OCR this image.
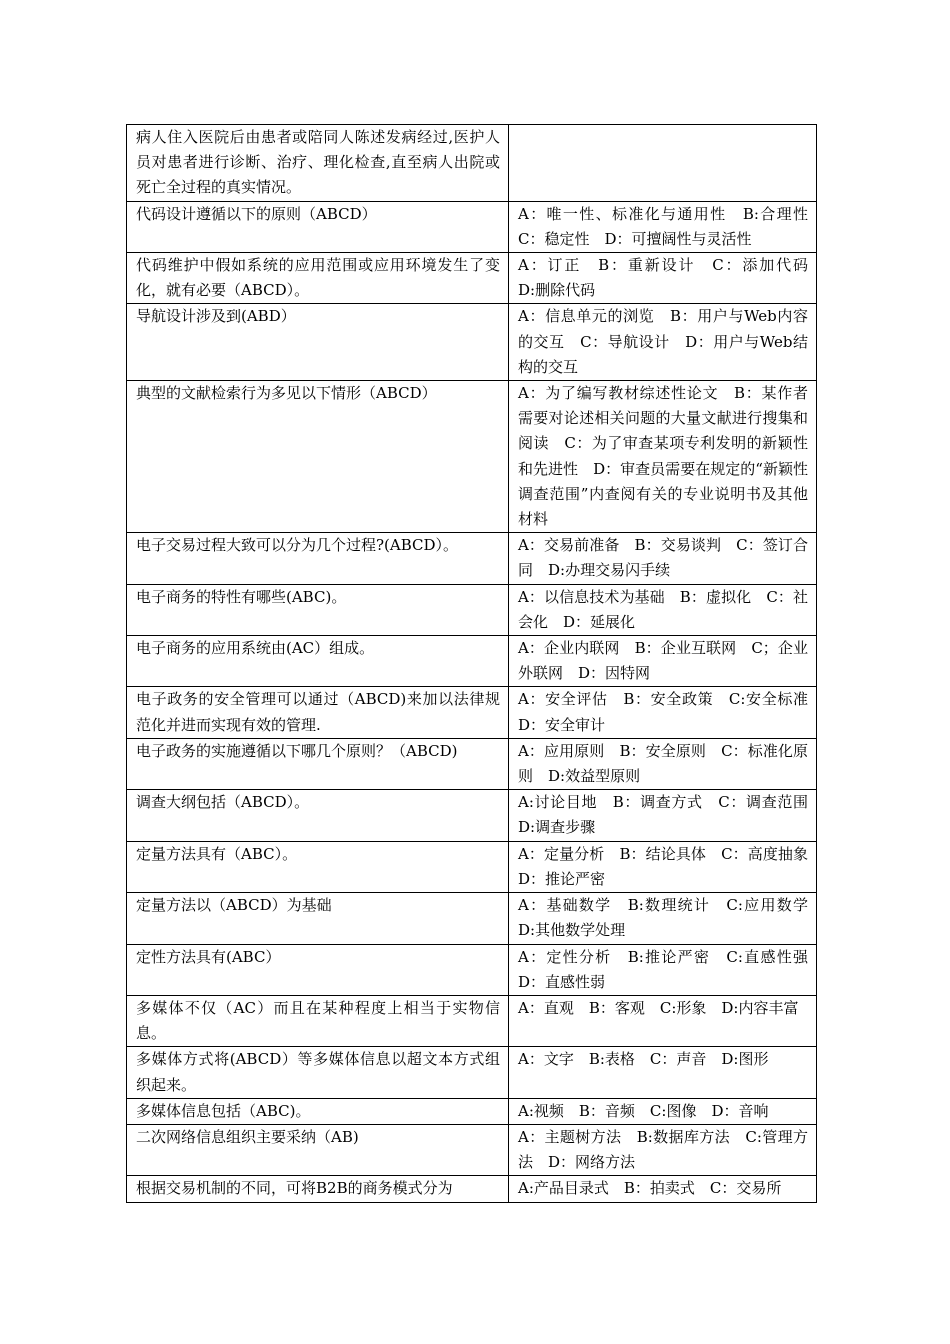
病人住入医院后由患者或陪同人陈述发病经过,医护人员对患者进行诊断、治疗、理化检查,直至病人出院或死亡全过程的真实情况。	
代码设计遵循以下的原则（ABCD）	A：唯一性、标准化与通用性　B:合理性　C：稳定性　D：可擅阔性与灵活性
代码维护中假如系统的应用范围或应用环境发生了变化，就有必要（ABCD）。	A：订正　B：重新设计　C：添加代码　D:删除代码
导航设计涉及到(ABD）	A：信息单元的浏览　B：用户与Web内容的交互　C：导航设计　D：用户与Web结构的交互
典型的文献检索行为多见以下情形（ABCD）	A：为了编写教材综述性论文　B：某作者需要对论述相关问题的大量文献进行搜集和阅读　C：为了审查某项专利发明的新颖性和先进性　D：审查员需要在规定的“新颖性调查范围”内查阅有关的专业说明书及其他材料
电子交易过程大致可以分为几个过程?(ABCD）。	A：交易前准备　B：交易谈判　C：签订合同　D:办理交易闪手续
电子商务的特性有哪些(ABC)。	A：以信息技术为基础　B：虚拟化　C：社会化　D：延展化
电子商务的应用系统由(AC）组成。	A：企业内联网　B：企业互联网　C；企业外联网　D：因特网
电子政务的安全管理可以通过（ABCD)来加以法律规范化并进而实现有效的管理.	A：安全评估　B：安全政策　C:安全标准　D：安全审计
电子政务的实施遵循以下哪几个原则？（ABCD)	A：应用原则　B：安全原则　C：标准化原则　D:效益型原则
调查大纲包括（ABCD）。	A:讨论目地　B：调查方式　C：调查范围　D:调查步骤
定量方法具有（ABC）。	A：定量分析　B：结论具体　C：高度抽象　D：推论严密
定量方法以（ABCD）为基础	A：基础数学　B:数理统计　C:应用数学　D:其他数学处理
定性方法具有(ABC）	A：定性分析　B:推论严密　C:直感性强　D：直感性弱
多媒体不仅（AC）而且在某种程度上相当于实物信息。	A：直观　B：客观　C:形象　D:内容丰富
多媒体方式将(ABCD）等多媒体信息以超文本方式组织起来。	A：文字　B:表格　C：声音　D:图形
多媒体信息包括（ABC)。	A:视频　B：音频　C:图像　D：音响
二次网络信息组织主要采纳（AB)	A：主题树方法　B:数据库方法　C:管理方法　D：网络方法
根据交易机制的不同，可将B2B的商务模式分为	A:产品目录式　B：拍卖式　C：交易所
